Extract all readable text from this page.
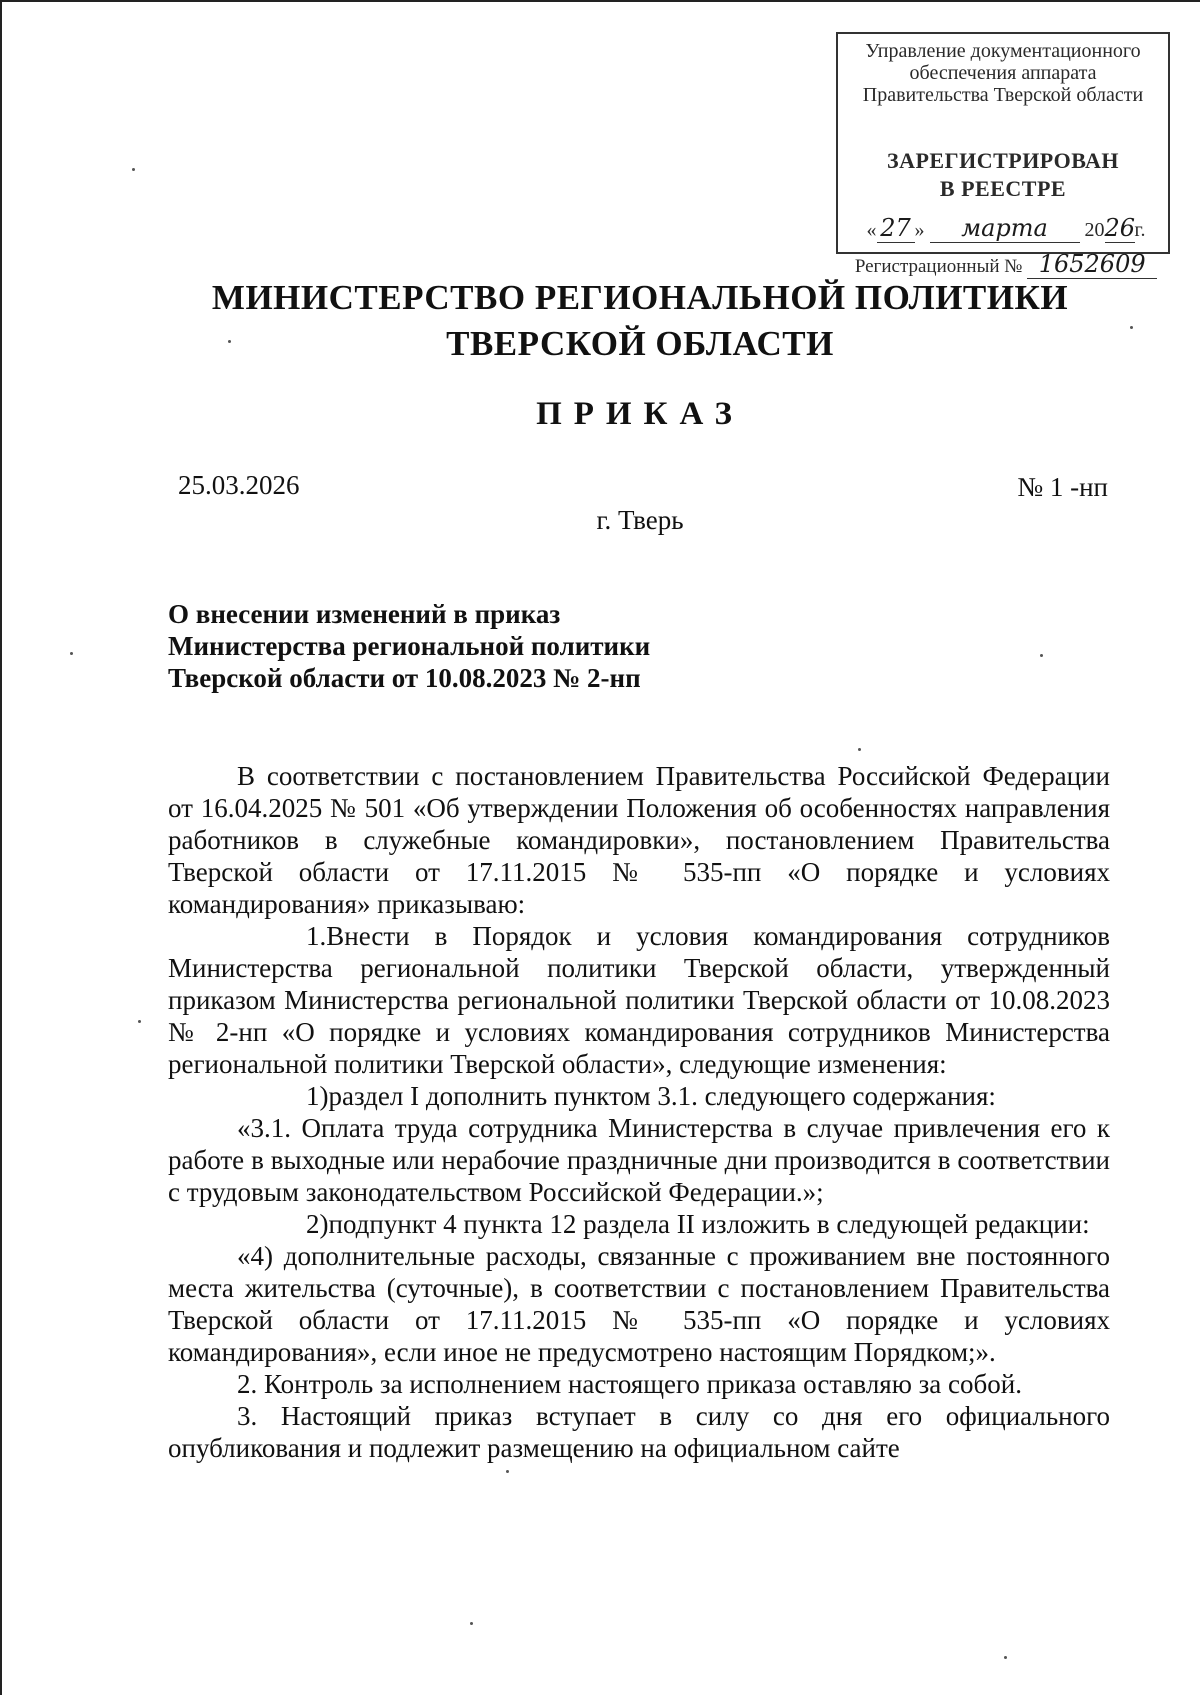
Управление документационного
обеспечения аппарата
Правительства Тверской области
ЗАРЕГИСТРИРОВАН
В РЕЕСТРЕ
« 27 » марта 2026г.
Регистрационный № 1652609
МИНИСТЕРСТВО РЕГИОНАЛЬНОЙ ПОЛИТИКИ
ТВЕРСКОЙ ОБЛАСТИ
ПРИКАЗ
25.03.2026	№ 1 -нп
г. Тверь
О внесении изменений в приказ
Министерства региональной политики
Тверской области от 10.08.2023 № 2-нп

В соответствии с постановлением Правительства Российской Федерации от 16.04.2025 № 501 «Об утверждении Положения об особенностях направления работников в служебные командировки», постановлением Правительства Тверской области от 17.11.2015 № 535-пп «О порядке и условиях командирования» приказываю:

1.Внести в Порядок и условия командирования сотрудников Министерства региональной политики Тверской области, утвержденный приказом Министерства региональной политики Тверской области от 10.08.2023 № 2-нп «О порядке и условиях командирования сотрудников Министерства региональной политики Тверской области», следующие изменения:

1)раздел I дополнить пунктом 3.1. следующего содержания:

«3.1. Оплата труда сотрудника Министерства в случае привлечения его к работе в выходные или нерабочие праздничные дни производится в соответствии с трудовым законодательством Российской Федерации.»;

2)подпункт 4 пункта 12 раздела II изложить в следующей редакции:

«4) дополнительные расходы, связанные с проживанием вне постоянного места жительства (суточные), в соответствии с постановлением Правительства Тверской области от 17.11.2015 № 535-пп «О порядке и условиях командирования», если иное не предусмотрено настоящим Порядком;».

2. Контроль за исполнением настоящего приказа оставляю за собой.

3. Настоящий приказ вступает в силу со дня его официального опубликования и подлежит размещению на официальном сайте
